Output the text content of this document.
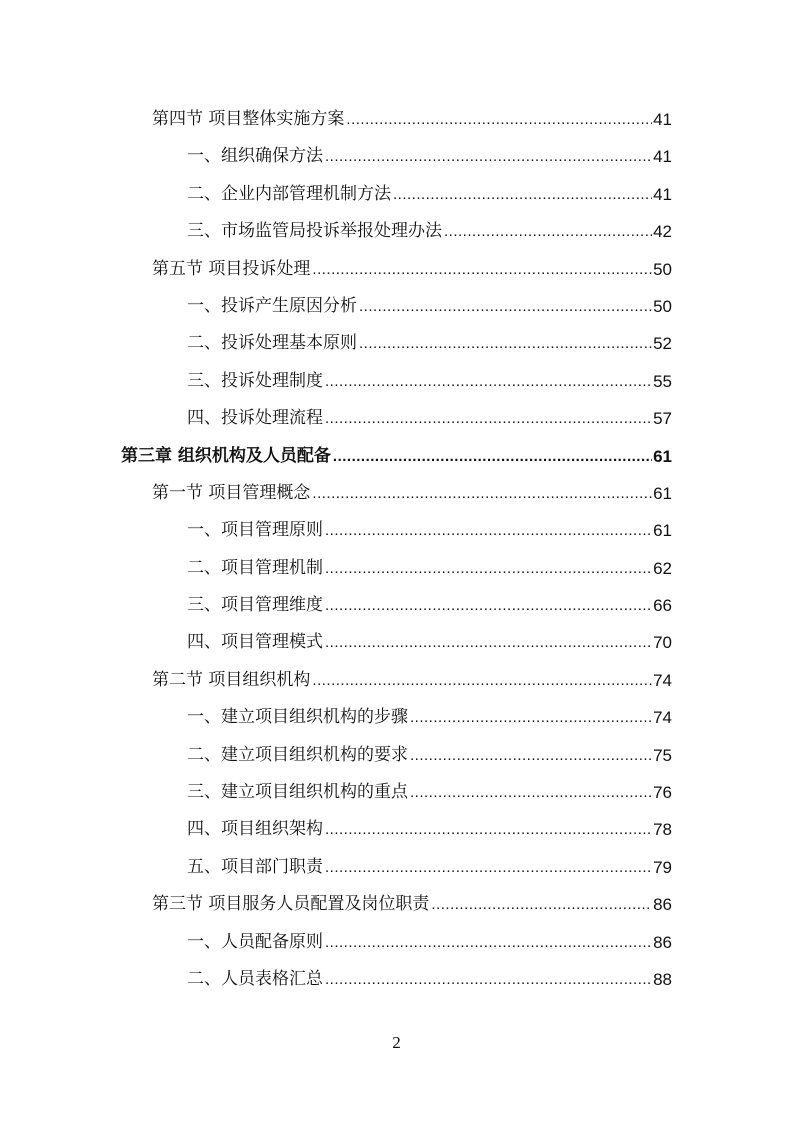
第四节 项目整体实施方案 .....	41
一、组织确保方法 .....	41
二、企业内部管理机制方法 .....	41
三、市场监管局投诉举报处理办法 .....	42
第五节 项目投诉处理 .....	50
一、投诉产生原因分析 .....	50
二、投诉处理基本原则 .....	52
三、投诉处理制度 .....	55
四、投诉处理流程 .....	57
第三章 组织机构及人员配备 .....	61
第一节 项目管理概念 .....	61
一、项目管理原则 .....	61
二、项目管理机制 .....	62
三、项目管理维度 .....	66
四、项目管理模式 .....	70
第二节 项目组织机构 .....	74
一、建立项目组织机构的步骤 .....	74
二、建立项目组织机构的要求 .....	75
三、建立项目组织机构的重点 .....	76
四、项目组织架构 .....	78
五、项目部门职责 .....	79
第三节 项目服务人员配置及岗位职责 .....	86
一、人员配备原则 .....	86
二、人员表格汇总 .....	88
2
